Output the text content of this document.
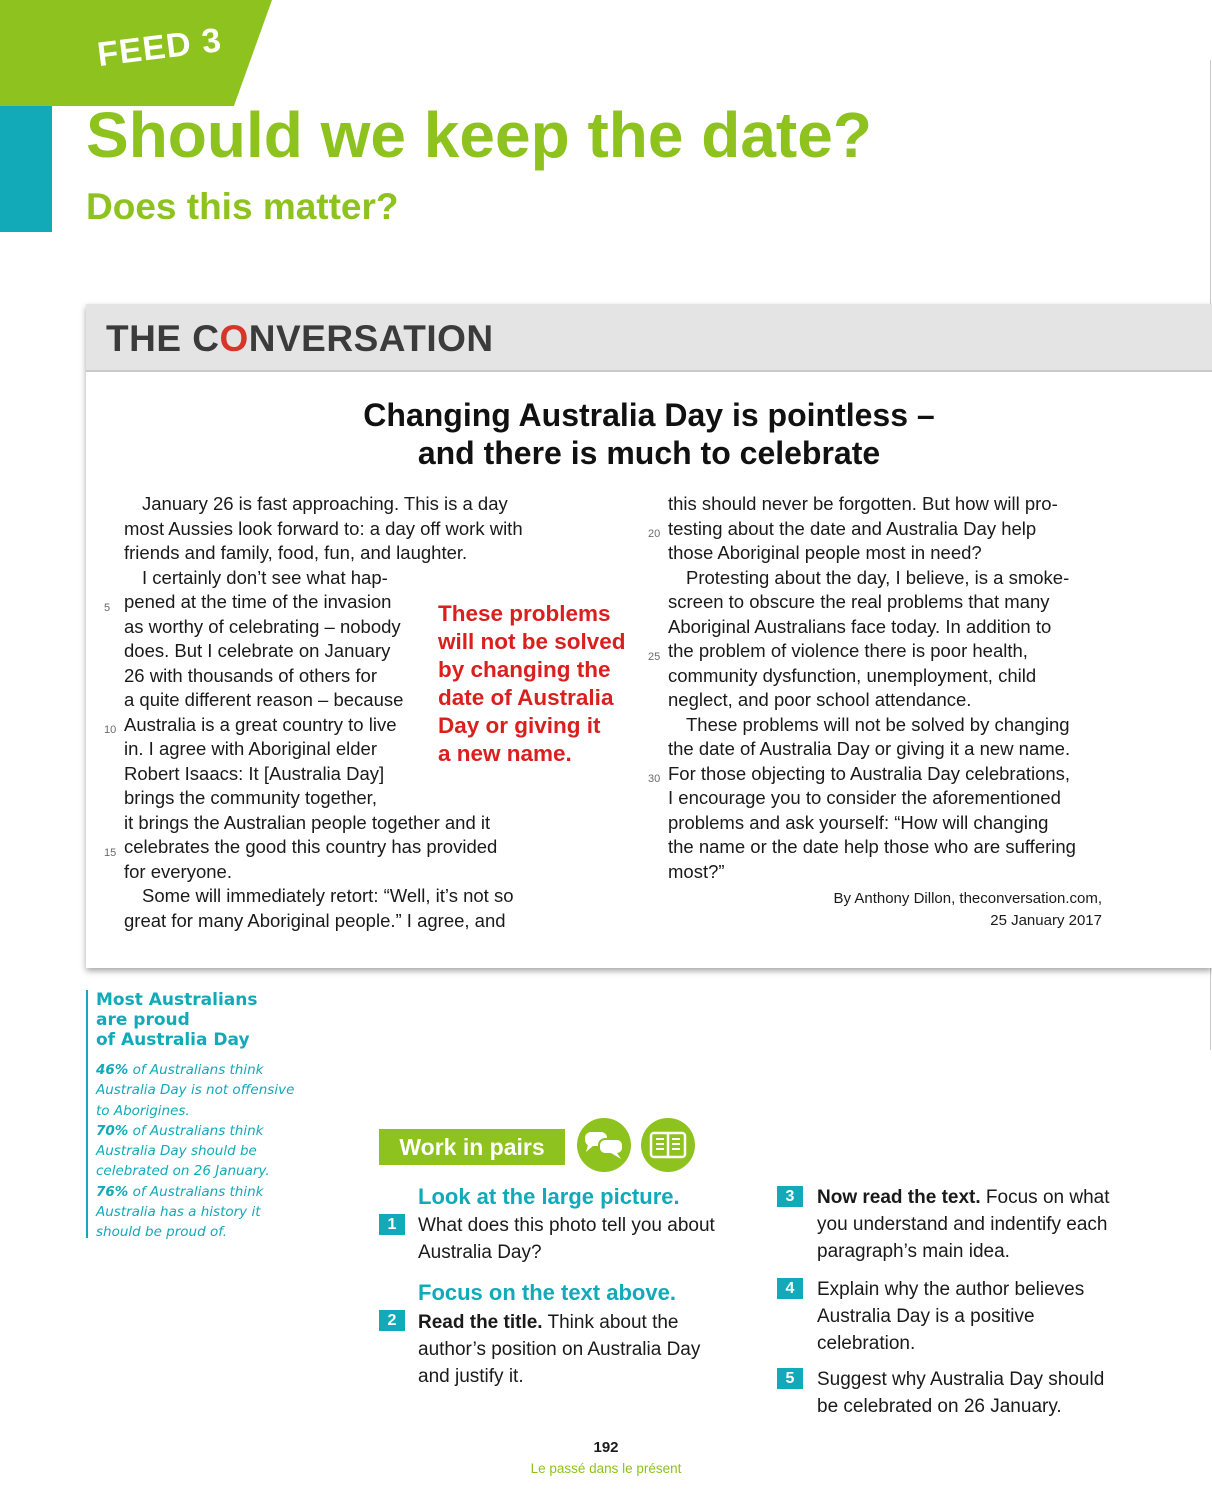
FEED 3
Should we keep the date?
Does this matter?
THE CONVERSATION
Changing Australia Day is pointless –
and there is much to celebrate
January 26 is fast approaching. This is a day
most Aussies look forward to: a day off work with
friends and family, food, fun, and laughter.
I certainly don’t see what hap-
pened at the time of the invasion
as worthy of celebrating – nobody
does. But I celebrate on January
26 with thousands of others for
a quite different reason – because
Australia is a great country to live
in. I agree with Aboriginal elder
Robert Isaacs: It [Australia Day]
brings the community together,
it brings the Australian people together and it
celebrates the good this country has provided
for everyone.
Some will immediately retort: “Well, it’s not so
great for many Aboriginal people.” I agree, and
5
10
15

These problems
will not be solved
by changing the
date of Australia
Day or giving it
a new name.

this should never be forgotten. But how will pro-
testing about the date and Australia Day help
those Aboriginal people most in need?
Protesting about the day, I believe, is a smoke-
screen to obscure the real problems that many
Aboriginal Australians face today. In addition to
the problem of violence there is poor health,
community dysfunction, unemployment, child
neglect, and poor school attendance.
These problems will not be solved by changing
the date of Australia Day or giving it a new name.
For those objecting to Australia Day celebrations,
I encourage you to consider the aforementioned
problems and ask yourself: “How will changing
the name or the date help those who are suffering
most?”
20
25
30
By Anthony Dillon, theconversation.com,
25 January 2017
Most Australians
are proud
of Australia Day

46% of Australians think
Australia Day is not offensive
to Aborigines.
70% of Australians think
Australia Day should be
celebrated on 26 January.
76% of Australians think
Australia has a history it
should be proud of.

Work in pairs
Look at the large picture.
1	What does this photo tell you about
Australia Day?
Focus on the text above.
2	Read the title. Think about the
author’s position on Australia Day
and justify it.
3	Now read the text. Focus on what
you understand and indentify each
paragraph’s main idea.
4	Explain why the author believes
Australia Day is a positive
celebration.
5	Suggest why Australia Day should
be celebrated on 26 January.
192
Le passé dans le présent
